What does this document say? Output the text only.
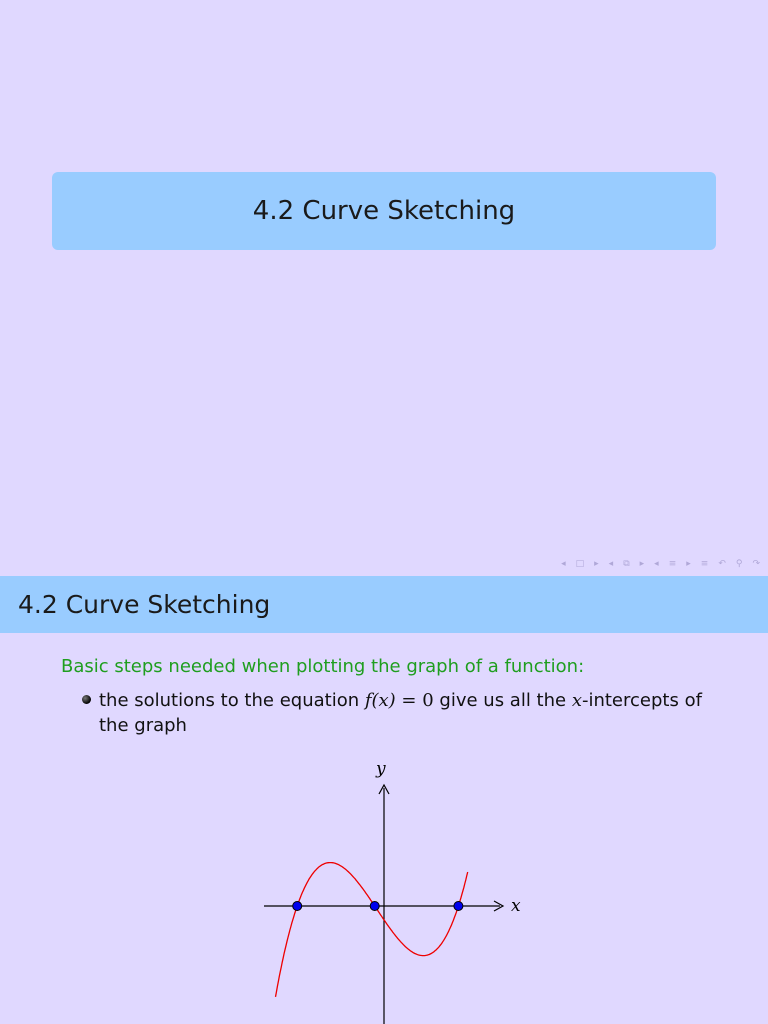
4.2 Curve Sketching
◂ □ ▸ ◂ ⧉ ▸ ◂ ≡ ▸ ≡ ↶ ⚲ ↷
4.2 Curve Sketching
Basic steps needed when plotting the graph of a function:
the solutions to the equation f(x) = 0 give us all the x-intercepts of the graph
x
y
